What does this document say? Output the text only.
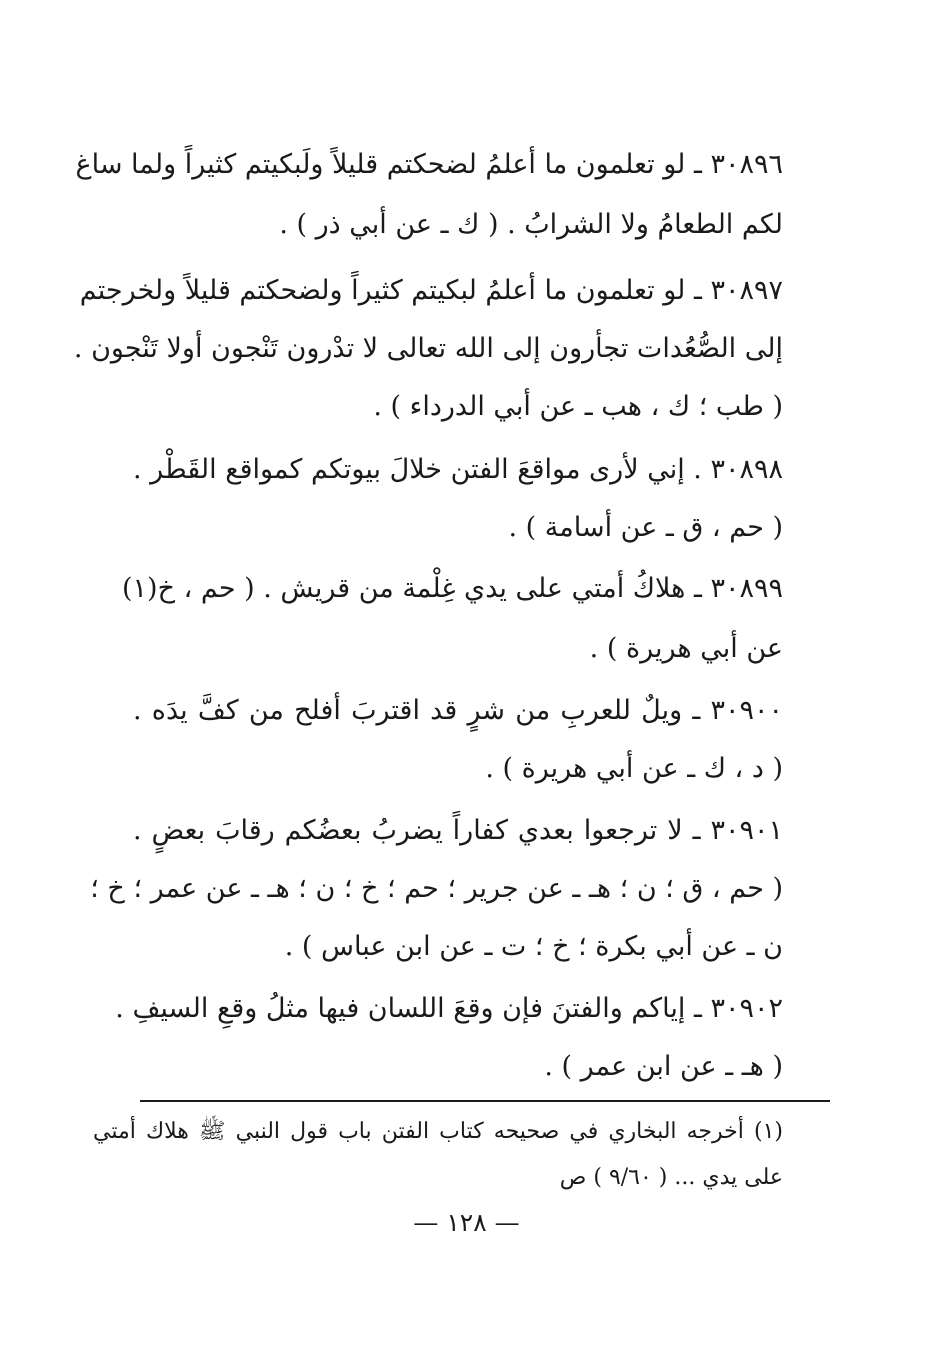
٣٠٨٩٦ ـ لو تعلمون ما أعلمُ لضحكتم قليلاً ولَبكيتم كثيراً ولما ساغ
لكم الطعامُ ولا الشرابُ . ( ك ـ عن أبي ذر ) .
٣٠٨٩٧ ـ لو تعلمون ما أعلمُ لبكيتم كثيراً ولضحكتم قليلاً ولخرجتم
إلى الصُّعُدات تجأرون إلى الله تعالى لا تدْرون تَنْجون أولا تَنْجون .
( طب ؛ ك ، هب ـ عن أبي الدرداء ) .
٣٠٨٩٨ . إني لأرى مواقعَ الفتن خلالَ بيوتكم كمواقع القَطْر .
( حم ، ق ـ عن أسامة ) .
٣٠٨٩٩ ـ هلاكُ أمتي على يدي غِلْمة من قريش . ( حم ، خ(١)
عن أبي هريرة ) .
٣٠٩٠٠ ـ ويلٌ للعربِ من شرٍ قد اقتربَ أفلح من كفَّ يدَه .
( د ، ك ـ عن أبي هريرة ) .
٣٠٩٠١ ـ لا ترجعوا بعدي كفاراً يضربُ بعضُكم رقابَ بعضٍ .
( حم ، ق ؛ ن ؛ هـ ـ عن جرير ؛ حم ؛ خ ؛ ن ؛ هـ ـ عن عمر ؛ خ ؛
ن ـ عن أبي بكرة ؛ خ ؛ ت ـ عن ابن عباس ) .
٣٠٩٠٢ ـ إياكم والفتنَ فإن وقعَ اللسان فيها مثلُ وقعِ السيفِ .
( هـ ـ عن ابن عمر ) .
(١) أخرجه البخاري في صحيحه كتاب الفتن باب قول النبي ﷺ هلاك أمتي
على يدي ... ( ٩/٦٠ ) ص
— ١٢٨ —
